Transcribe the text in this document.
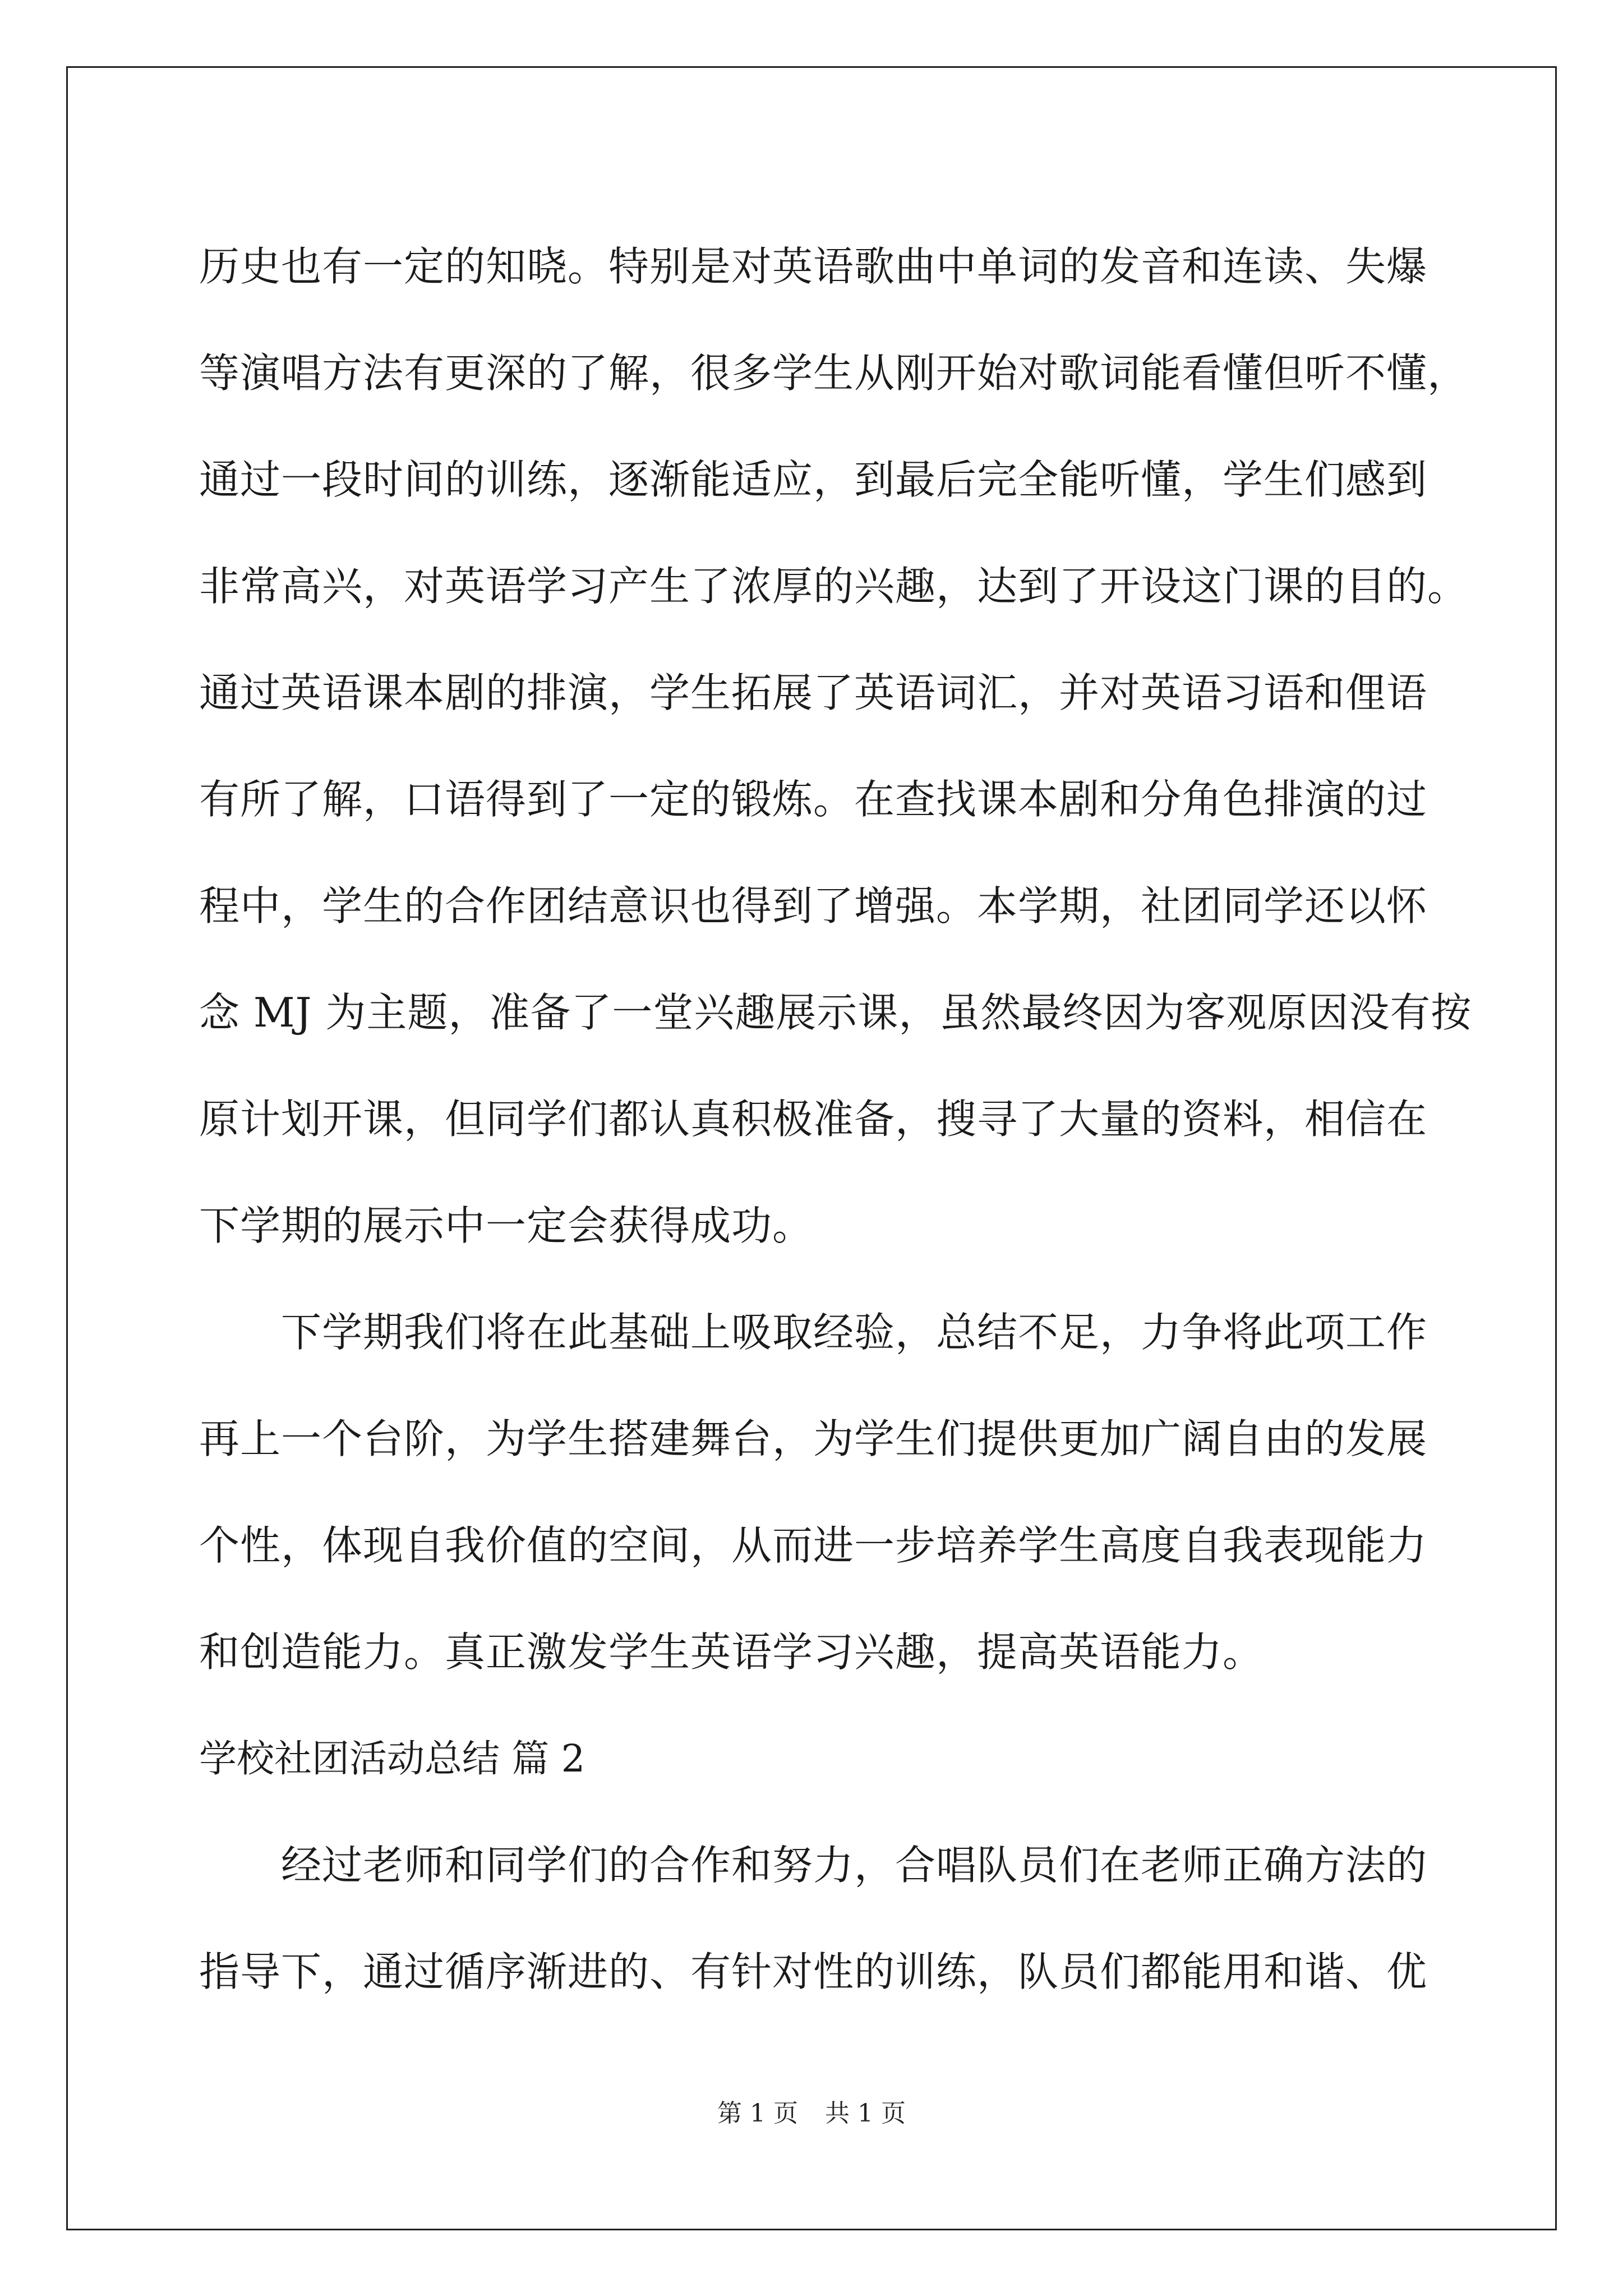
历史也有一定的知晓。特别是对英语歌曲中单词的发音和连读、失爆
等演唱方法有更深的了解，很多学生从刚开始对歌词能看懂但听不懂，
通过一段时间的训练，逐渐能适应，到最后完全能听懂，学生们感到
非常高兴，对英语学习产生了浓厚的兴趣，达到了开设这门课的目的。
通过英语课本剧的排演，学生拓展了英语词汇，并对英语习语和俚语
有所了解，口语得到了一定的锻炼。在查找课本剧和分角色排演的过
程中，学生的合作团结意识也得到了增强。本学期，社团同学还以怀
念 MJ 为主题，准备了一堂兴趣展示课，虽然最终因为客观原因没有按
原计划开课，但同学们都认真积极准备，搜寻了大量的资料，相信在
下学期的展示中一定会获得成功。
　　下学期我们将在此基础上吸取经验，总结不足，力争将此项工作
再上一个台阶，为学生搭建舞台，为学生们提供更加广阔自由的发展
个性，体现自我价值的空间，从而进一步培养学生高度自我表现能力
和创造能力。真正激发学生英语学习兴趣，提高英语能力。
学校社团活动总结 篇 2
　　经过老师和同学们的合作和努力，合唱队员们在老师正确方法的
指导下，通过循序渐进的、有针对性的训练，队员们都能用和谐、优
第 1 页 共 1 页
